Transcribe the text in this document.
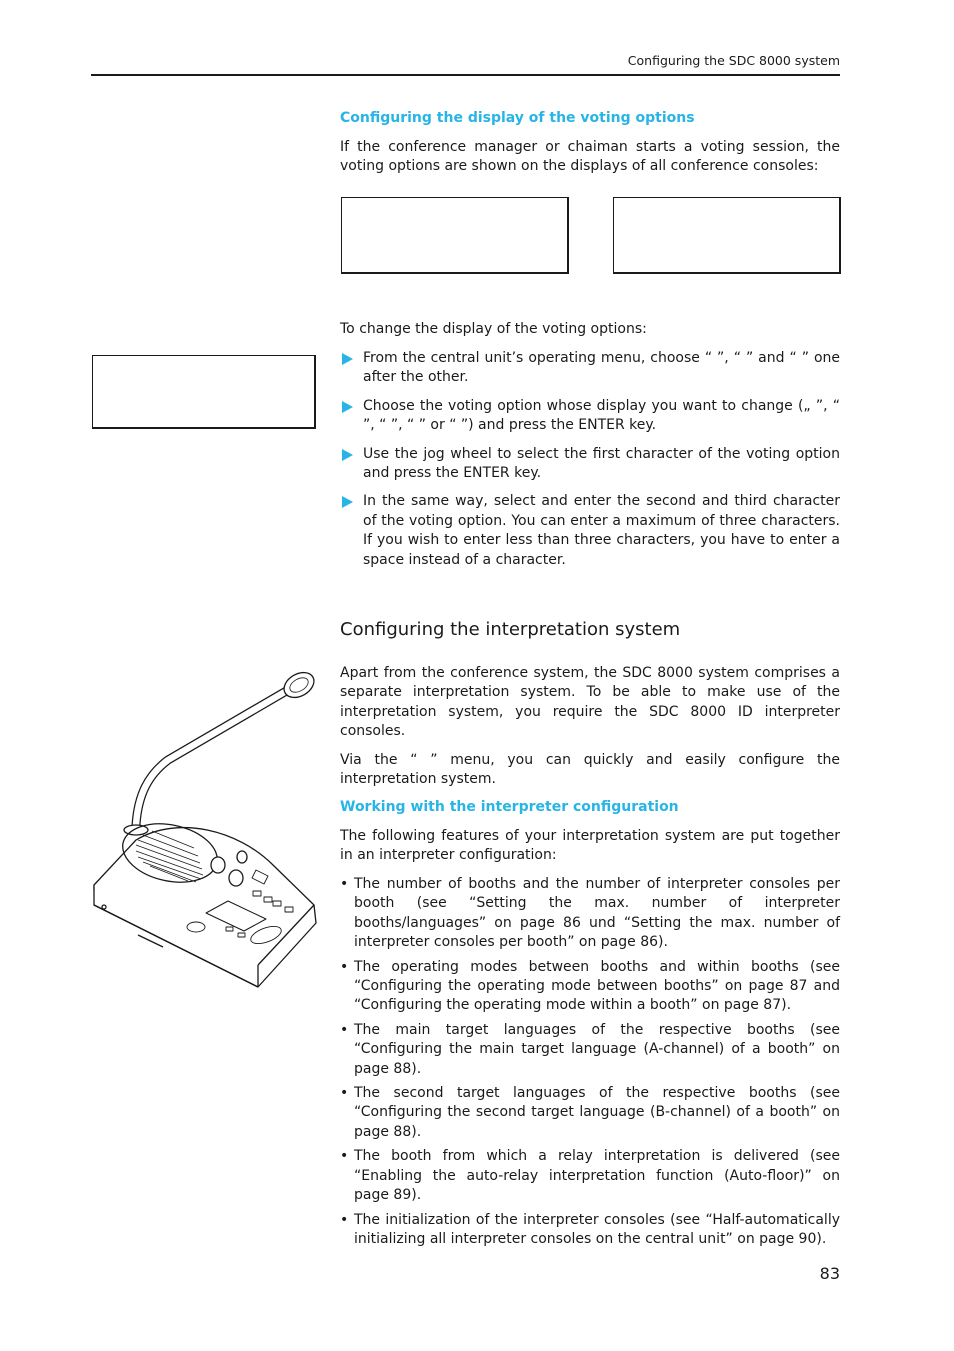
Configuring the SDC 8000 system
Configuring the display of the voting options

If the conference manager or chaiman starts a voting session, the voting options are shown on the displays of all conference consoles:

To change the display of the voting options:

From the central unit’s operating menu, choose “ ”, “ ” and “ ” one after the other.
Choose the voting option whose display you want to change („ ”, “ ”, “ ”, “ ” or “ ”) and press the ENTER key.
Use the jog wheel to select the first character of the voting option and press the ENTER key.
In the same way, select and enter the second and third character of the voting option. You can enter a maximum of three characters. If you wish to enter less than three characters, you have to enter a space instead of a character.
Configuring the interpretation system

Apart from the conference system, the SDC 8000 system comprises a separate interpretation system. To be able to make use of the interpretation system, you require the SDC 8000 ID interpreter consoles.

Via the “ ” menu, you can quickly and easily configure the interpretation system.

Working with the interpreter configuration

The following features of your interpretation system are put together in an interpreter configuration:

• The number of booths and the number of interpreter consoles per booth (see “Setting the max. number of interpreter booths/languages” on page 86 und “Setting the max. number of interpreter consoles per booth” on page 86).
• The operating modes between booths and within booths (see “Configuring the operating mode between booths” on page 87 and “Configuring the operating mode within a booth” on page 87).
• The main target languages of the respective booths (see “Configuring the main target language (A-channel) of a booth” on page 88).
• The second target languages of the respective booths (see “Configuring the second target language (B-channel) of a booth” on page 88).
• The booth from which a relay interpretation is delivered (see “Enabling the auto-relay interpretation function (Auto-floor)” on page 89).
• The initialization of the interpreter consoles (see “Half-automatically initializing all interpreter consoles on the central unit” on page 90).
83
